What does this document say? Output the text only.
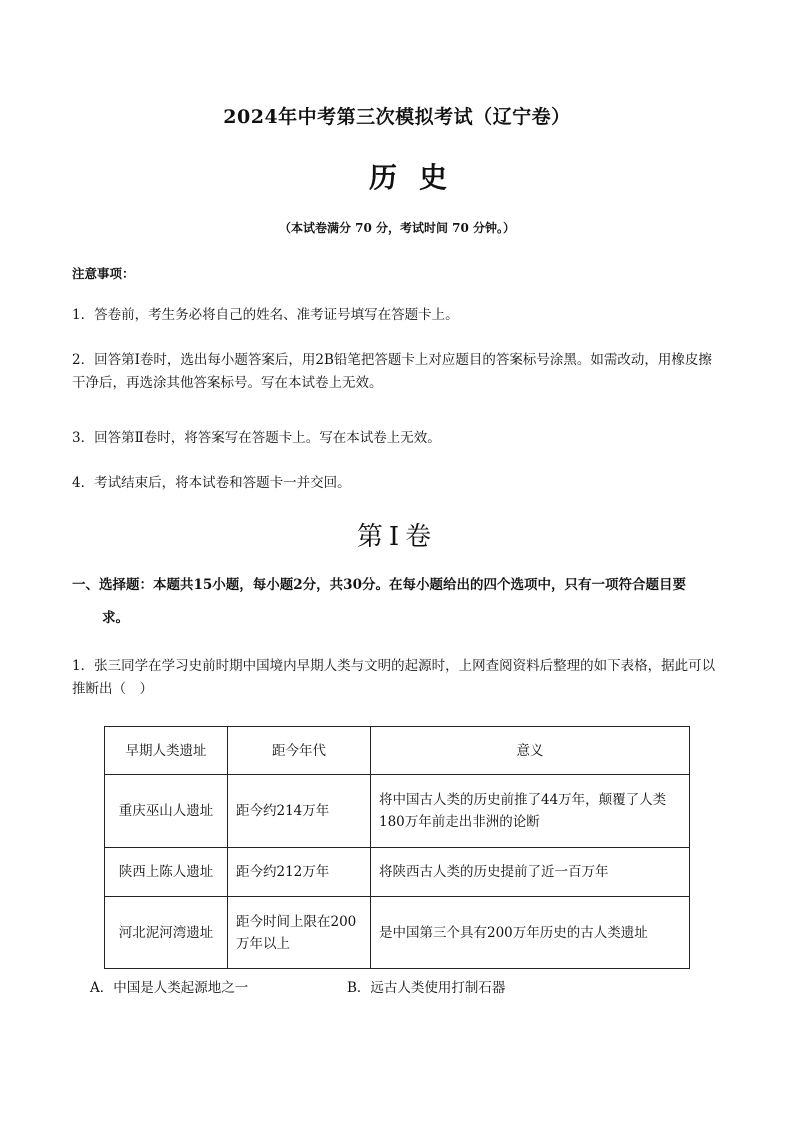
2024年中考第三次模拟考试（辽宁卷）
历史
（本试卷满分 70 分，考试时间 70 分钟。）
注意事项：
1．答卷前，考生务必将自己的姓名、准考证号填写在答题卡上。
2．回答第Ⅰ卷时，选出每小题答案后，用2B铅笔把答题卡上对应题目的答案标号涂黑。如需改动，用橡皮擦干净后，再选涂其他答案标号。写在本试卷上无效。
3．回答第Ⅱ卷时，将答案写在答题卡上。写在本试卷上无效。
4．考试结束后，将本试卷和答题卡一并交回。
第Ⅰ卷
一、选择题：本题共15小题，每小题2分，共30分。在每小题给出的四个选项中，只有一项符合题目要
求。
1．张三同学在学习史前时期中国境内早期人类与文明的起源时，上网查阅资料后整理的如下表格，据此可以推断出（　）
早期人类遗址	距今年代	意义
重庆巫山人遗址	距今约214万年	将中国古人类的历史前推了44万年，颠覆了人类180万年前走出非洲的论断
陕西上陈人遗址	距今约212万年	将陕西古人类的历史提前了近一百万年
河北泥河湾遗址	距今时间上限在200万年以上	是中国第三个具有200万年历史的古人类遗址
A．中国是人类起源地之一	B．远古人类使用打制石器
